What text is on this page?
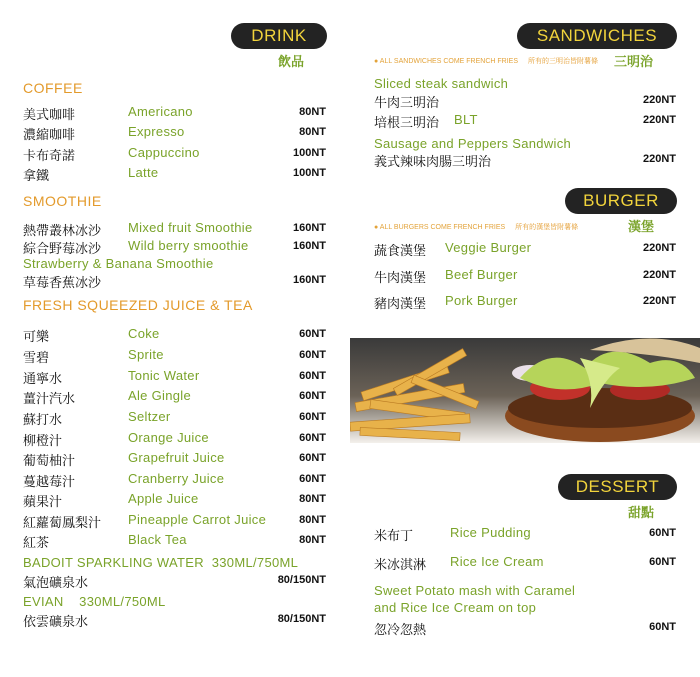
DRINK
飲品
COFFEE
美式咖啡	Americano	80NT
濃縮咖啡	Expresso	80NT
卡布奇諾	Cappuccino	100NT
拿鐵	Latte	100NT
SMOOTHIE
熱帶叢林冰沙 Mixed fruit Smoothie	160NT
綜合野莓冰沙 Wild berry smoothie	160NT
Strawberry & Banana Smoothie
草莓香蕉冰沙	160NT
FRESH SQUEEZED JUICE & TEA
可樂	Coke	60NT
雪碧	Sprite	60NT
通寧水	Tonic Water	60NT
薑汁汽水	Ale Gingle	60NT
蘇打水	Seltzer	60NT
柳橙汁	Orange Juice	60NT
葡萄柚汁	Grapefruit Juice	60NT
蔓越莓汁	Cranberry Juice	60NT
蘋果汁	Apple Juice	80NT
紅蘿蔔鳳梨汁 Pineapple Carrot Juice	80NT
紅茶	Black Tea	80NT
BADOIT SPARKLING WATER  330ML/750ML
氣泡礦泉水	80/150NT
EVIAN    330ML/750ML
依雲礦泉水	80/150NT
SANDWICHES
● ALL SANDWICHES COME FRENCH FRIES 所有的三明治皆附薯條 三明治
Sliced steak sandwich
牛肉三明治	220NT
培根三明治 BLT	220NT
Sausage and Peppers Sandwich
義式辣味肉腸三明治	220NT
BURGER
● ALL BURGERS COME FRENCH FRIES 所有的漢堡皆附薯條	漢堡
蔬食漢堡 Veggie Burger	220NT
牛肉漢堡 Beef Burger	220NT
豬肉漢堡 Pork Burger	220NT
DESSERT
甜點
米布丁	Rice Pudding	60NT
米冰淇淋 Rice Ice Cream	60NT
Sweet Potato mash with Caramel
and Rice Ice Cream on top
忽冷忽熱	60NT
